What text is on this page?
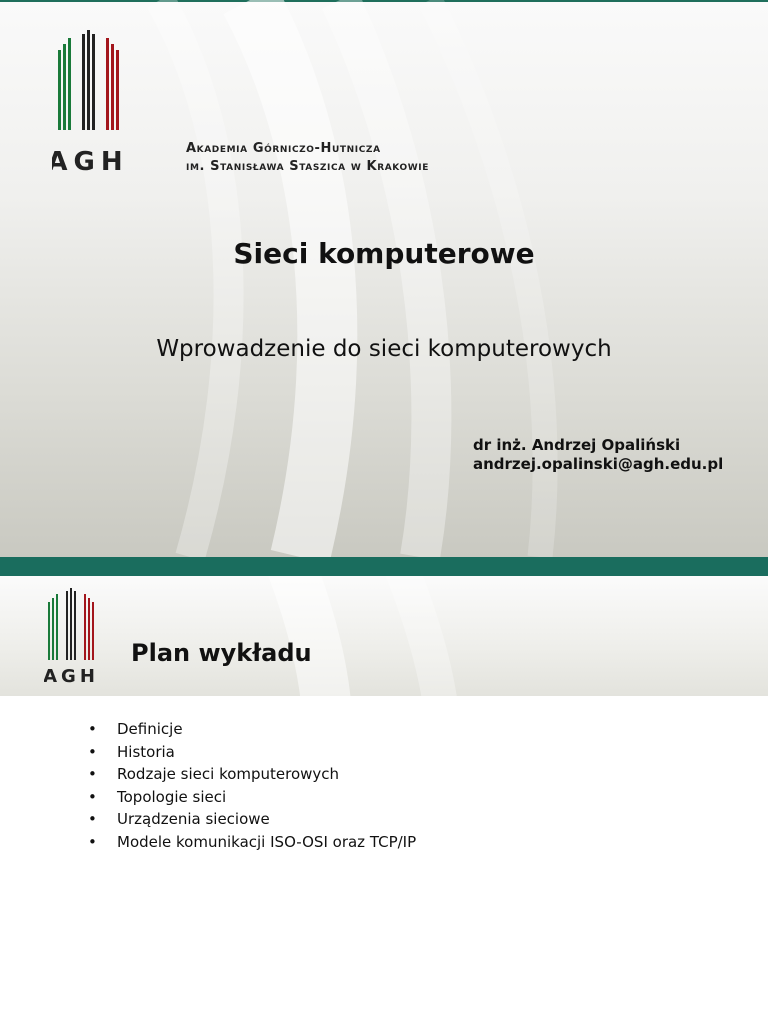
AGH	Akademia Górniczo-Hutnicza
im. Stanisława Staszica w Krakowie
Sieci komputerowe
Wprowadzenie do sieci komputerowych
dr inż. Andrzej Opaliński
andrzej.opalinski@agh.edu.pl
AGH
Plan wykładu
• Definicje
• Historia
• Rodzaje sieci komputerowych
• Topologie sieci
• Urządzenia sieciowe
• Modele komunikacji ISO-OSI oraz TCP/IP
